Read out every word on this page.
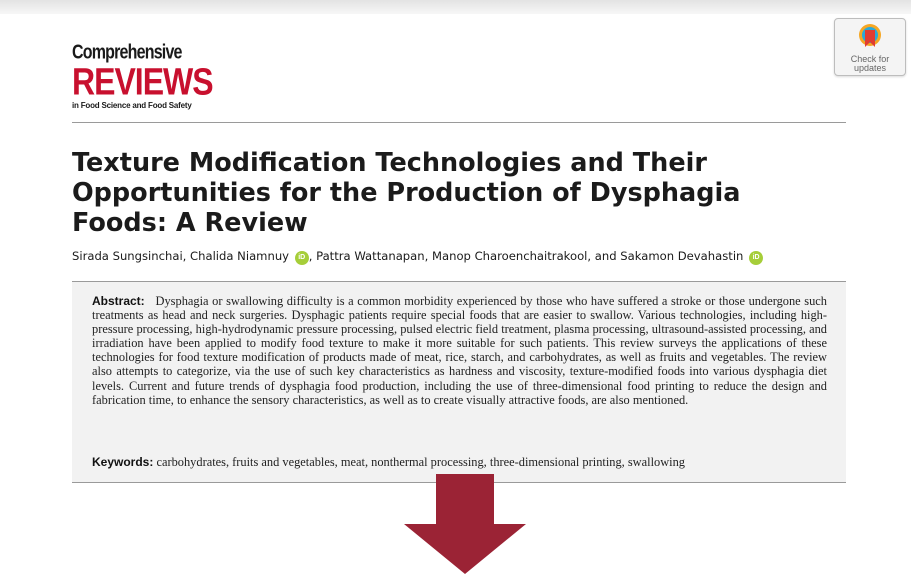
Comprehensive
REVIEWS
in Food Science and Food Safety
Check for
updates
Texture Modification Technologies and Their
Opportunities for the Production of Dysphagia
Foods: A Review
Sirada Sungsinchai, Chalida Niamnuy iD , Pattra Wattanapan, Manop Charoenchaitrakool, and Sakamon Devahastin iD

Abstract: Dysphagia or swallowing difficulty is a common morbidity experienced by those who have suffered a stroke or those undergone such treatments as head and neck surgeries. Dysphagic patients require special foods that are easier to swallow. Various technologies, including high-pressure processing, high-hydrodynamic pressure processing, pulsed electric field treatment, plasma processing, ultrasound-assisted processing, and irradiation have been applied to modify food texture to make it more suitable for such patients. This review surveys the applications of these technologies for food texture modification of products made of meat, rice, starch, and carbohydrates, as well as fruits and vegetables. The review also attempts to categorize, via the use of such key characteristics as hardness and viscosity, texture-modified foods into various dysphagia diet levels. Current and future trends of dysphagia food production, including the use of three-dimensional food printing to reduce the design and fabrication time, to enhance the sensory characteristics, as well as to create visually attractive foods, are also mentioned.

Keywords: carbohydrates, fruits and vegetables, meat, nonthermal processing, three-dimensional printing, swallowing
